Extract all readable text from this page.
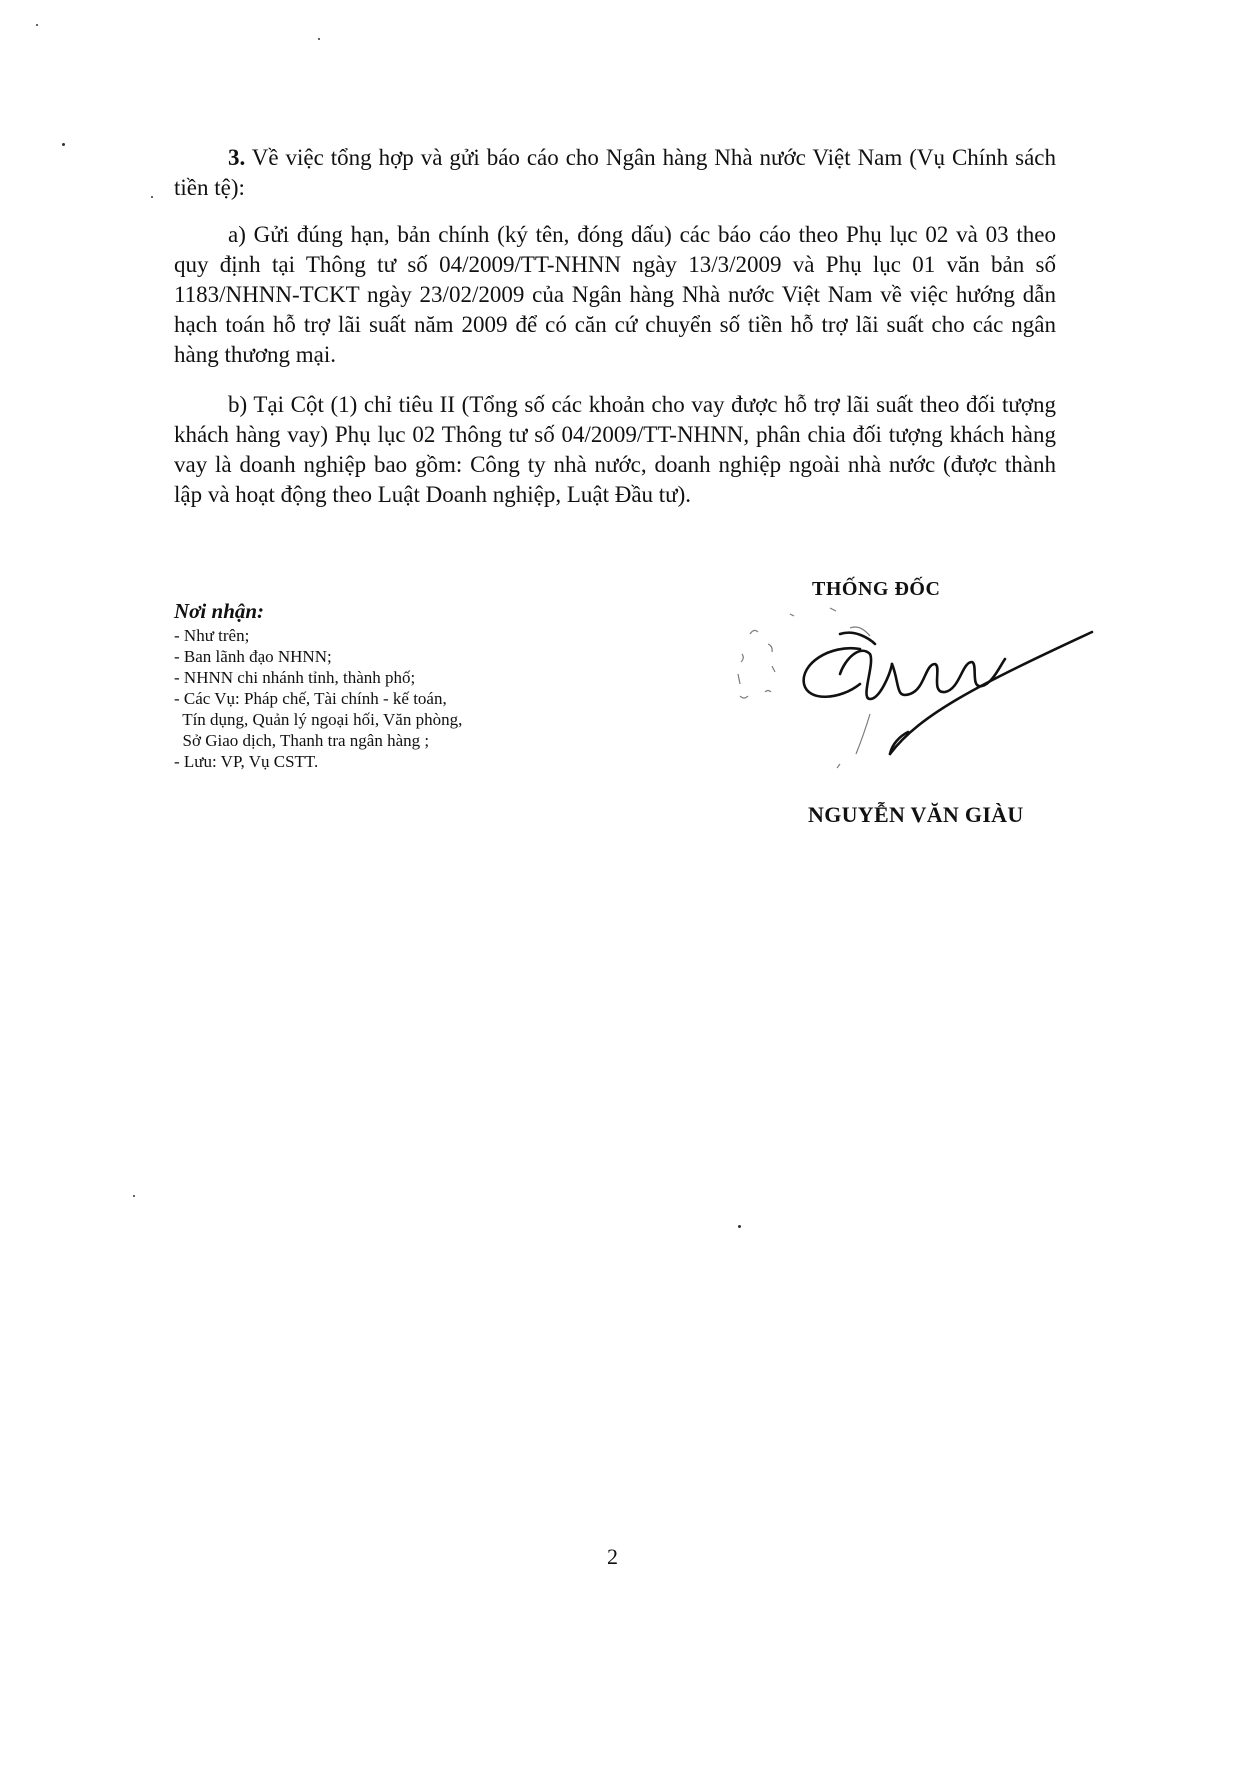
3. Về việc tổng hợp và gửi báo cáo cho Ngân hàng Nhà nước Việt Nam (Vụ Chính sách tiền tệ):

a) Gửi đúng hạn, bản chính (ký tên, đóng dấu) các báo cáo theo Phụ lục 02 và 03 theo quy định tại Thông tư số 04/2009/TT-NHNN ngày 13/3/2009 và Phụ lục 01 văn bản số 1183/NHNN-TCKT ngày 23/02/2009 của Ngân hàng Nhà nước Việt Nam về việc hướng dẫn hạch toán hỗ trợ lãi suất năm 2009 để có căn cứ chuyển số tiền hỗ trợ lãi suất cho các ngân hàng thương mại.

b) Tại Cột (1) chỉ tiêu II (Tổng số các khoản cho vay được hỗ trợ lãi suất theo đối tượng khách hàng vay) Phụ lục 02 Thông tư số 04/2009/TT-NHNN, phân chia đối tượng khách hàng vay là doanh nghiệp bao gồm: Công ty nhà nước, doanh nghiệp ngoài nhà nước (được thành lập và hoạt động theo Luật Doanh nghiệp, Luật Đầu tư).

Nơi nhận:
- Như trên;
- Ban lãnh đạo NHNN;
- NHNN chi nhánh tỉnh, thành phố;
- Các Vụ: Pháp chế, Tài chính - kế toán,
Tín dụng, Quản lý ngoại hối, Văn phòng,
Sở Giao dịch, Thanh tra ngân hàng ;
- Lưu: VP, Vụ CSTT.
THỐNG ĐỐC
NGUYỄN VĂN GIÀU
2
